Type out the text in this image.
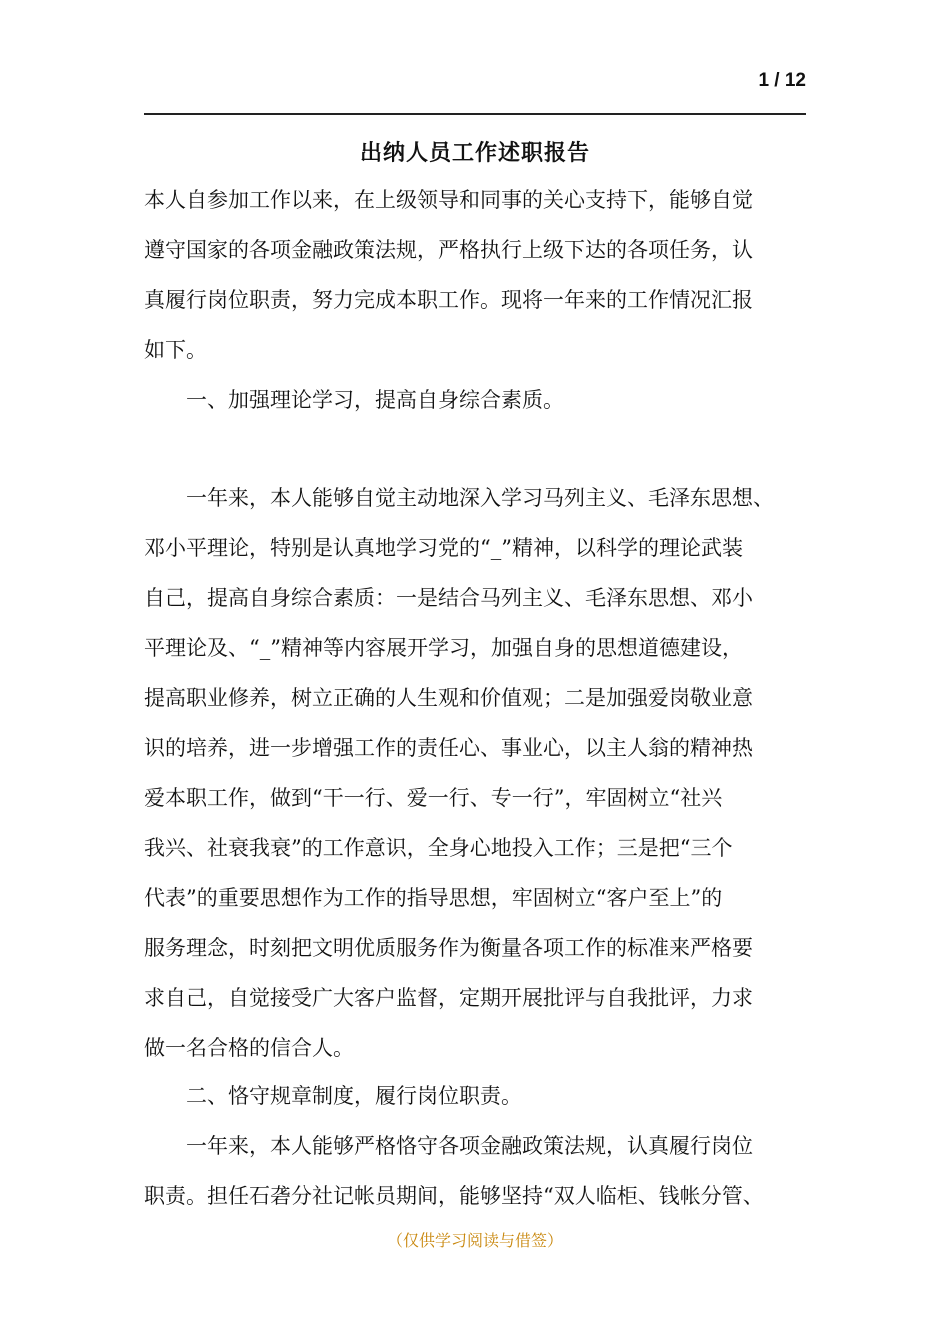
1 / 12
出纳人员工作述职报告
本人自参加工作以来，在上级领导和同事的关心支持下，能够自觉
遵守国家的各项金融政策法规，严格执行上级下达的各项任务，认
真履行岗位职责，努力完成本职工作。现将一年来的工作情况汇报
如下。
　　一、加强理论学习，提高自身综合素质。
　　一年来，本人能够自觉主动地深入学习马列主义、毛泽东思想、
邓小平理论，特别是认真地学习党的“_”精神，以科学的理论武装
自己，提高自身综合素质：一是结合马列主义、毛泽东思想、邓小
平理论及、“_”精神等内容展开学习，加强自身的思想道德建设，
提高职业修养，树立正确的人生观和价值观；二是加强爱岗敬业意
识的培养，进一步增强工作的责任心、事业心，以主人翁的精神热
爱本职工作，做到“干一行、爱一行、专一行”，牢固树立“社兴
我兴、社衰我衰”的工作意识，全身心地投入工作；三是把“三个
代表”的重要思想作为工作的指导思想，牢固树立“客户至上”的
服务理念，时刻把文明优质服务作为衡量各项工作的标准来严格要
求自己，自觉接受广大客户监督，定期开展批评与自我批评，力求
做一名合格的信合人。
　　二、恪守规章制度，履行岗位职责。
　　一年来，本人能够严格恪守各项金融政策法规，认真履行岗位
职责。担任石砻分社记帐员期间，能够坚持“双人临柜、钱帐分管、
（仅供学习阅读与借签）
